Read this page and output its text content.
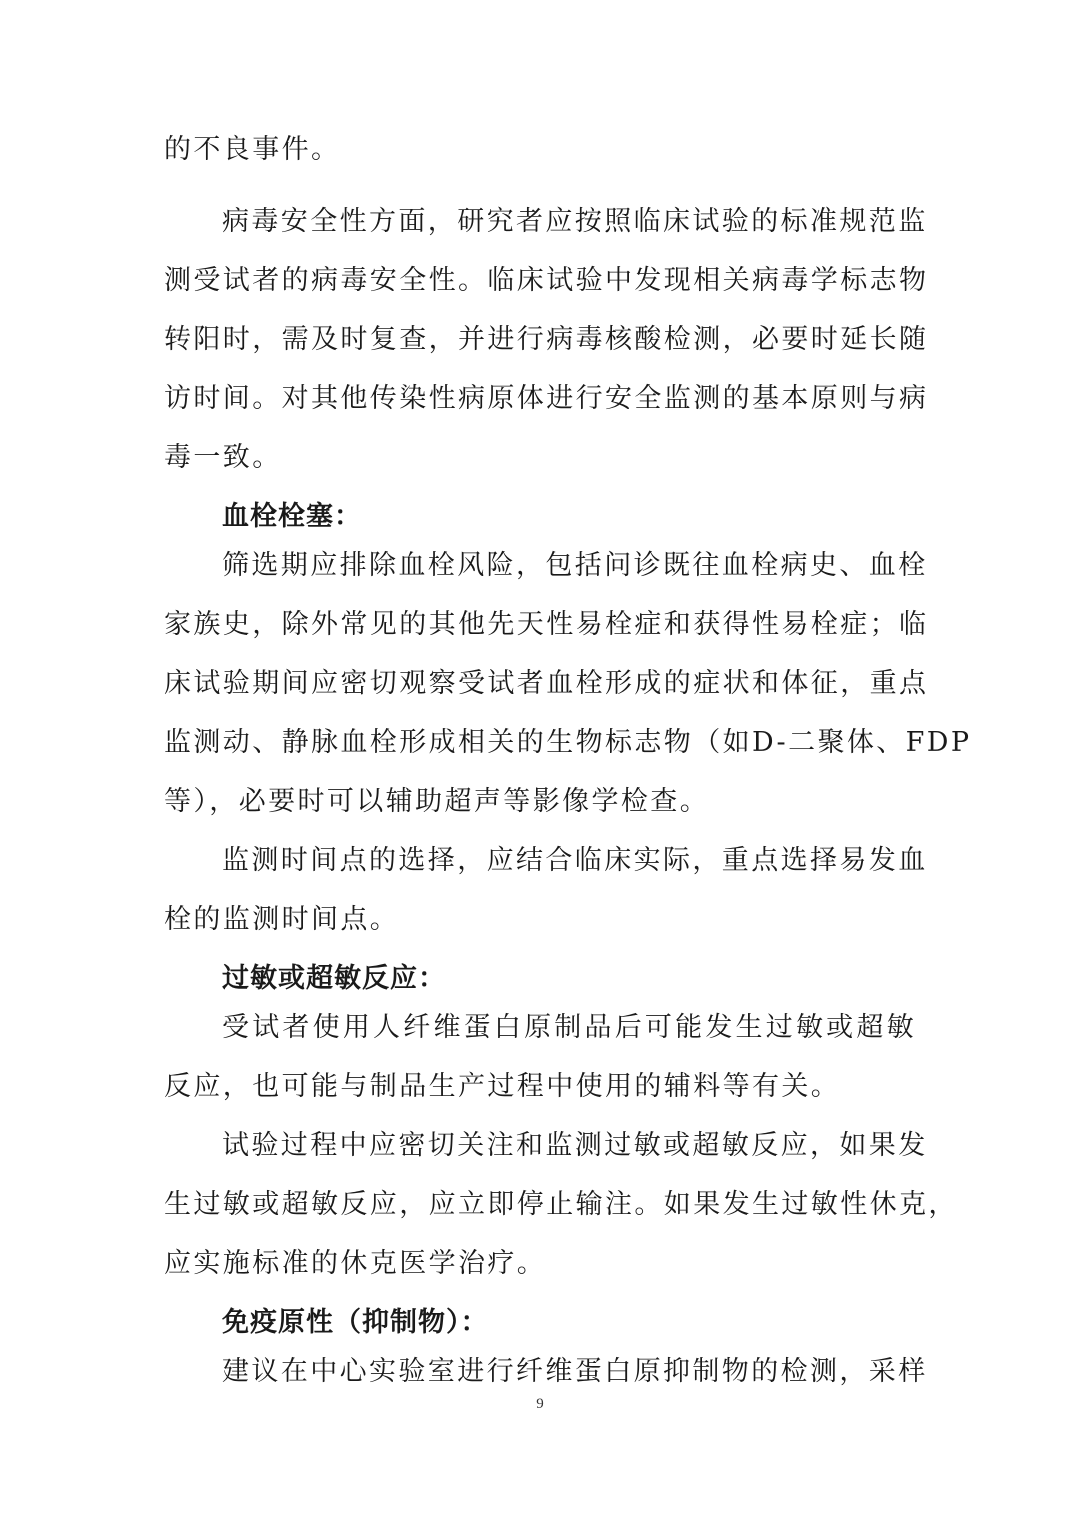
的不良事件。
病毒安全性方面，研究者应按照临床试验的标准规范监
测受试者的病毒安全性。临床试验中发现相关病毒学标志物
转阳时，需及时复查，并进行病毒核酸检测，必要时延长随
访时间。对其他传染性病原体进行安全监测的基本原则与病
毒一致。
血栓栓塞：
筛选期应排除血栓风险，包括问诊既往血栓病史、血栓
家族史，除外常见的其他先天性易栓症和获得性易栓症；临
床试验期间应密切观察受试者血栓形成的症状和体征，重点
监测动、静脉血栓形成相关的生物标志物（如D-二聚体、FDP
等），必要时可以辅助超声等影像学检查。
监测时间点的选择，应结合临床实际，重点选择易发血
栓的监测时间点。
过敏或超敏反应：
受试者使用人纤维蛋白原制品后可能发生过敏或超敏
反应，也可能与制品生产过程中使用的辅料等有关。
试验过程中应密切关注和监测过敏或超敏反应，如果发
生过敏或超敏反应，应立即停止输注。如果发生过敏性休克，
应实施标准的休克医学治疗。
免疫原性（抑制物）：
建议在中心实验室进行纤维蛋白原抑制物的检测，采样
9
